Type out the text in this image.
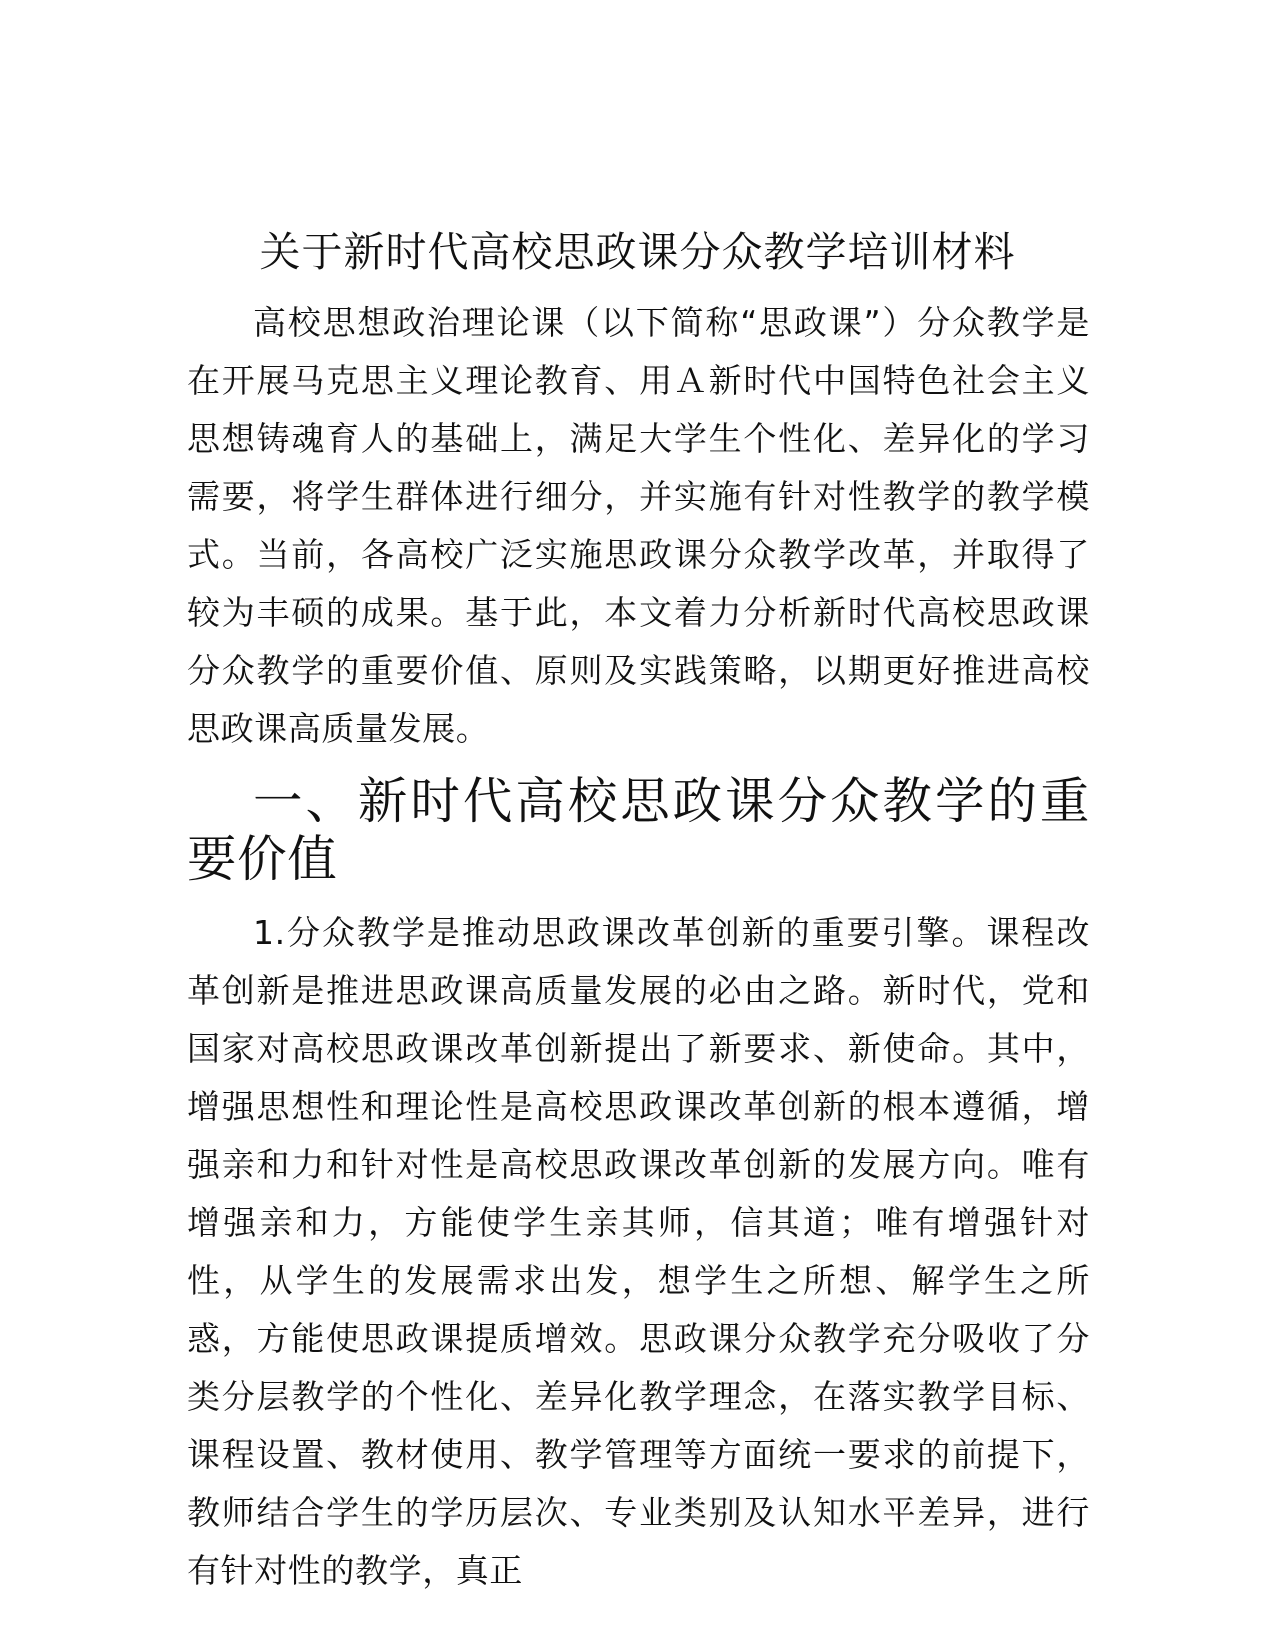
关于新时代高校思政课分众教学培训材料

高校思想政治理论课（以下简称“思政课”）分众教学是在开展马克思主义理论教育、用Ａ新时代中国特色社会主义思想铸魂育人的基础上，满足大学生个性化、差异化的学习需要，将学生群体进行细分，并实施有针对性教学的教学模式。当前，各高校广泛实施思政课分众教学改革，并取得了较为丰硕的成果。基于此，本文着力分析新时代高校思政课分众教学的重要价值、原则及实践策略，以期更好推进高校思政课高质量发展。

一、新时代高校思政课分众教学的重要价值

1.分众教学是推动思政课改革创新的重要引擎。课程改革创新是推进思政课高质量发展的必由之路。新时代，党和国家对高校思政课改革创新提出了新要求、新使命。其中，增强思想性和理论性是高校思政课改革创新的根本遵循，增强亲和力和针对性是高校思政课改革创新的发展方向。唯有增强亲和力，方能使学生亲其师，信其道；唯有增强针对性，从学生的发展需求出发，想学生之所想、解学生之所惑，方能使思政课提质增效。思政课分众教学充分吸收了分类分层教学的个性化、差异化教学理念，在落实教学目标、课程设置、教材使用、教学管理等方面统一要求的前提下，教师结合学生的学历层次、专业类别及认知水平差异，进行有针对性的教学，真正
